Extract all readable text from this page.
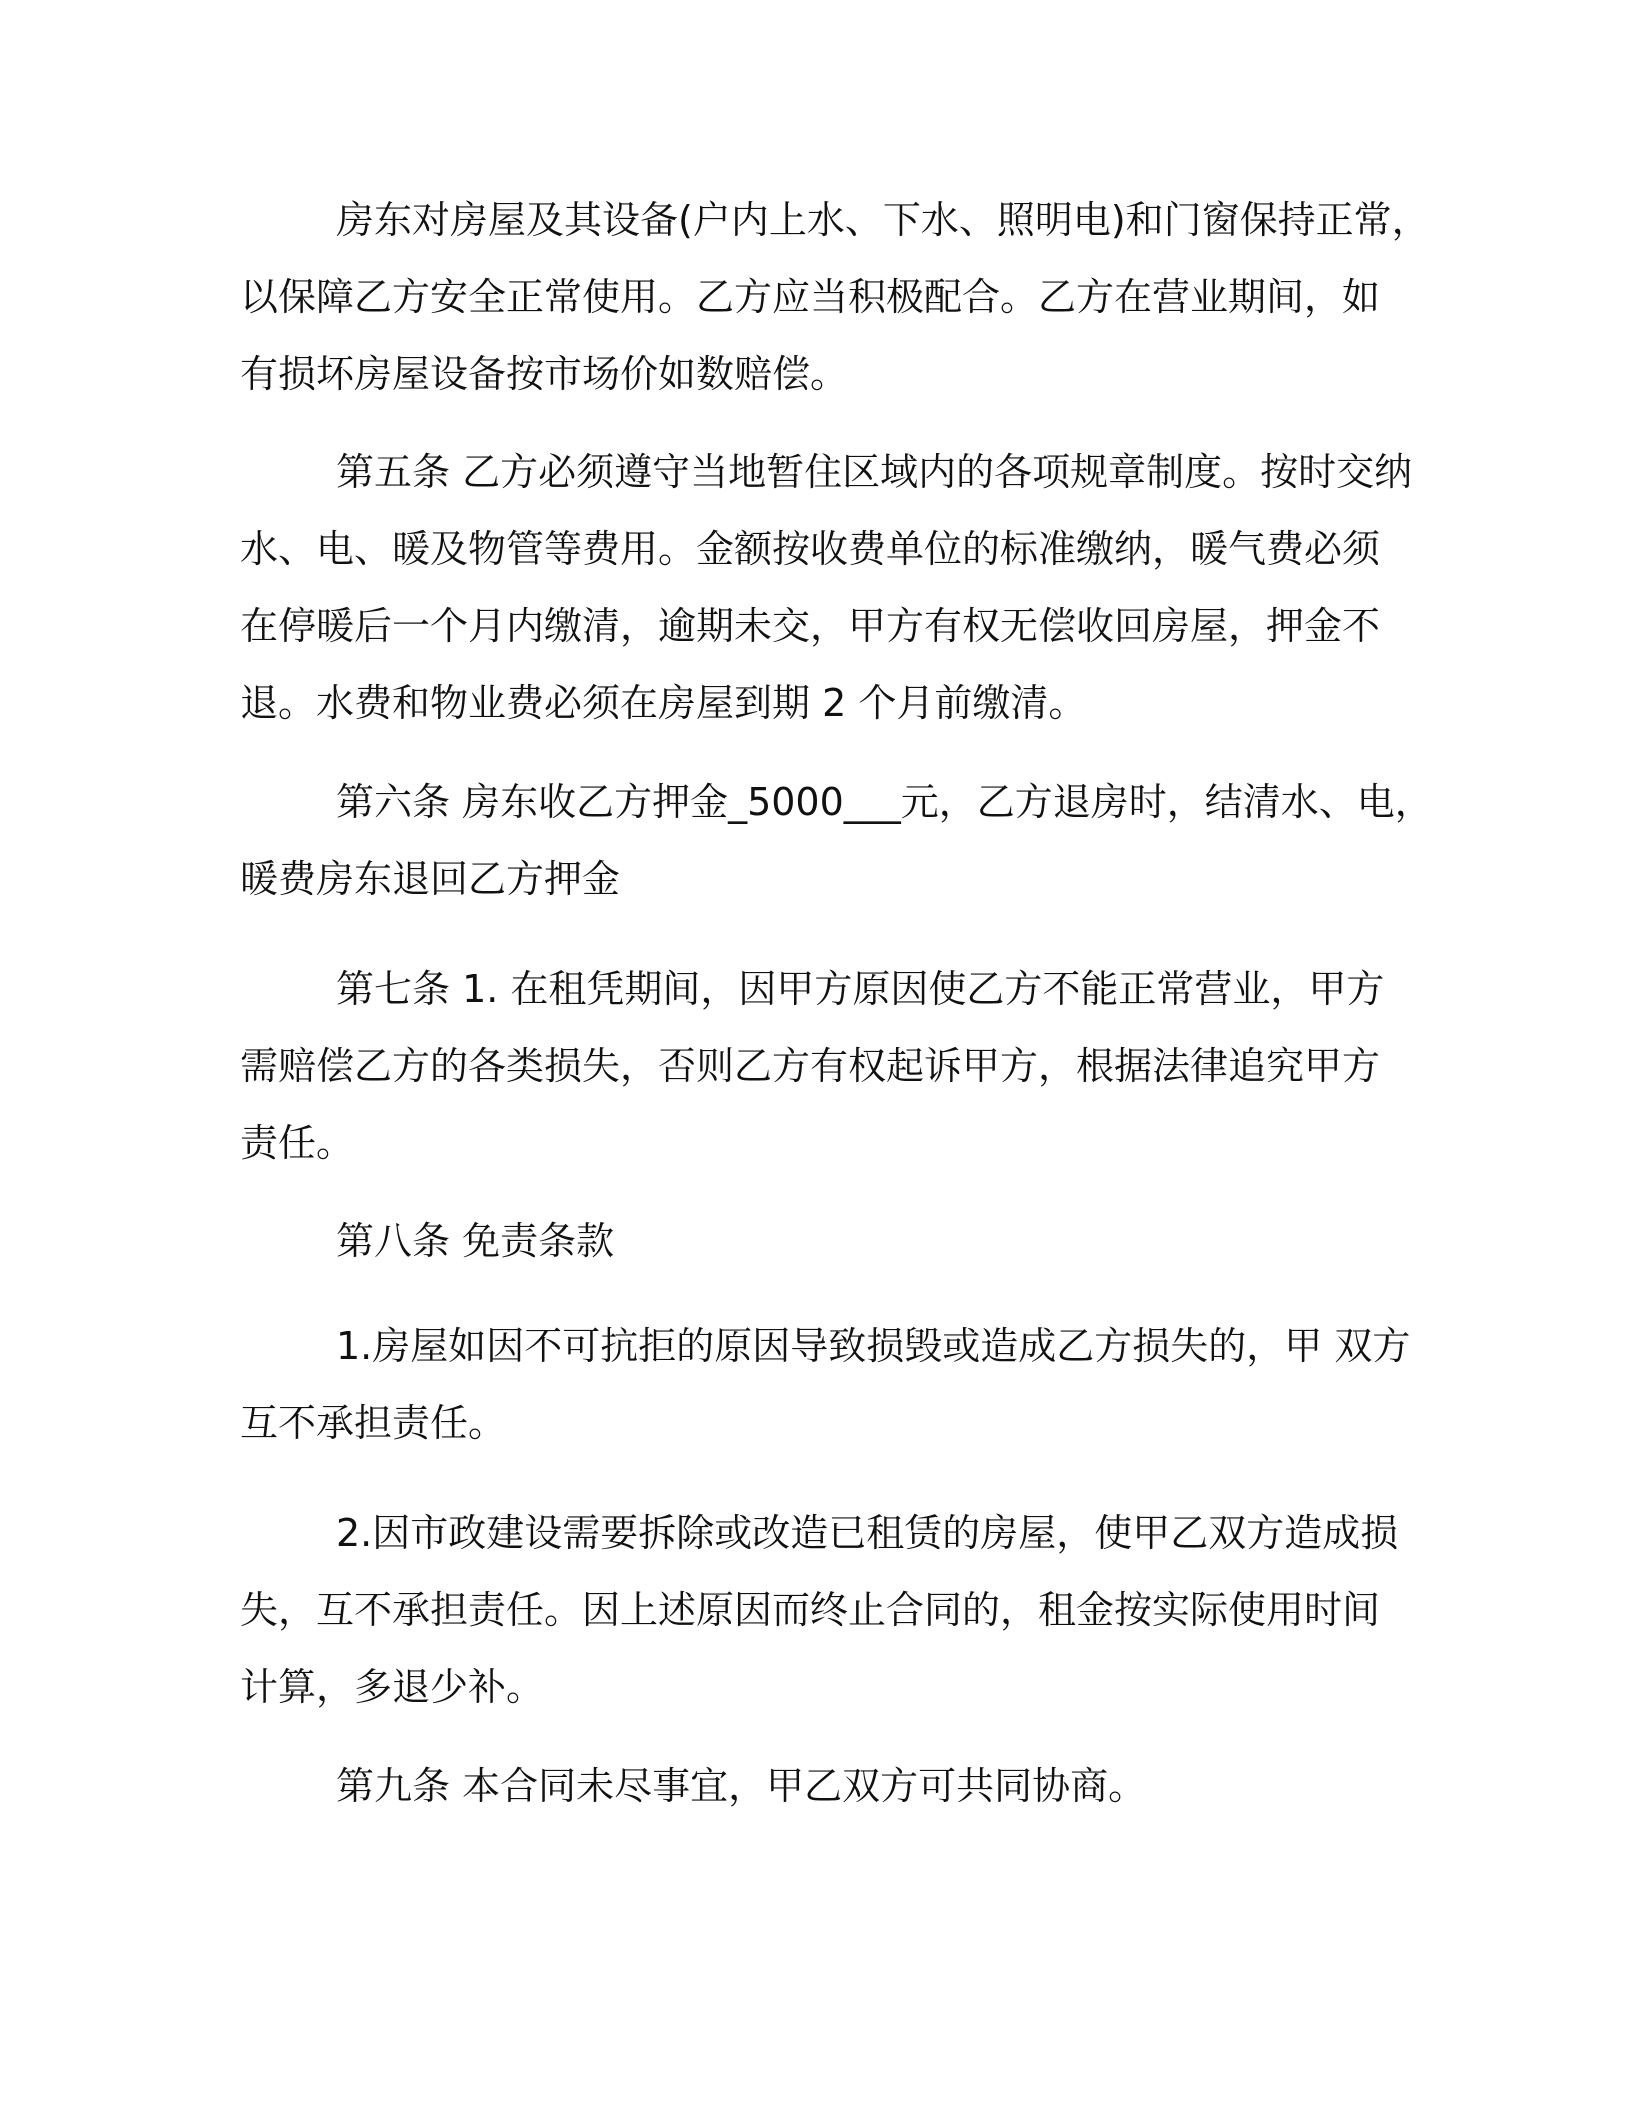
房东对房屋及其设备(户内上水、下水、照明电)和门窗保持正常，
以保障乙方安全正常使用。乙方应当积极配合。乙方在营业期间，如
有损坏房屋设备按市场价如数赔偿。

第五条 乙方必须遵守当地暂住区域内的各项规章制度。按时交纳
水、电、暖及物管等费用。金额按收费单位的标准缴纳，暖气费必须
在停暖后一个月内缴清，逾期未交，甲方有权无偿收回房屋，押金不
退。水费和物业费必须在房屋到期 2 个月前缴清。

第六条 房东收乙方押金_5000___元，乙方退房时，结清水、电，
暖费房东退回乙方押金

第七条 1. 在租凭期间，因甲方原因使乙方不能正常营业，甲方
需赔偿乙方的各类损失，否则乙方有权起诉甲方，根据法律追究甲方
责任。

第八条 免责条款

1.房屋如因不可抗拒的原因导致损毁或造成乙方损失的，甲 双方
互不承担责任。

2.因市政建设需要拆除或改造已租赁的房屋，使甲乙双方造成损
失，互不承担责任。因上述原因而终止合同的，租金按实际使用时间
计算，多退少补。

第九条 本合同未尽事宜，甲乙双方可共同协商。
